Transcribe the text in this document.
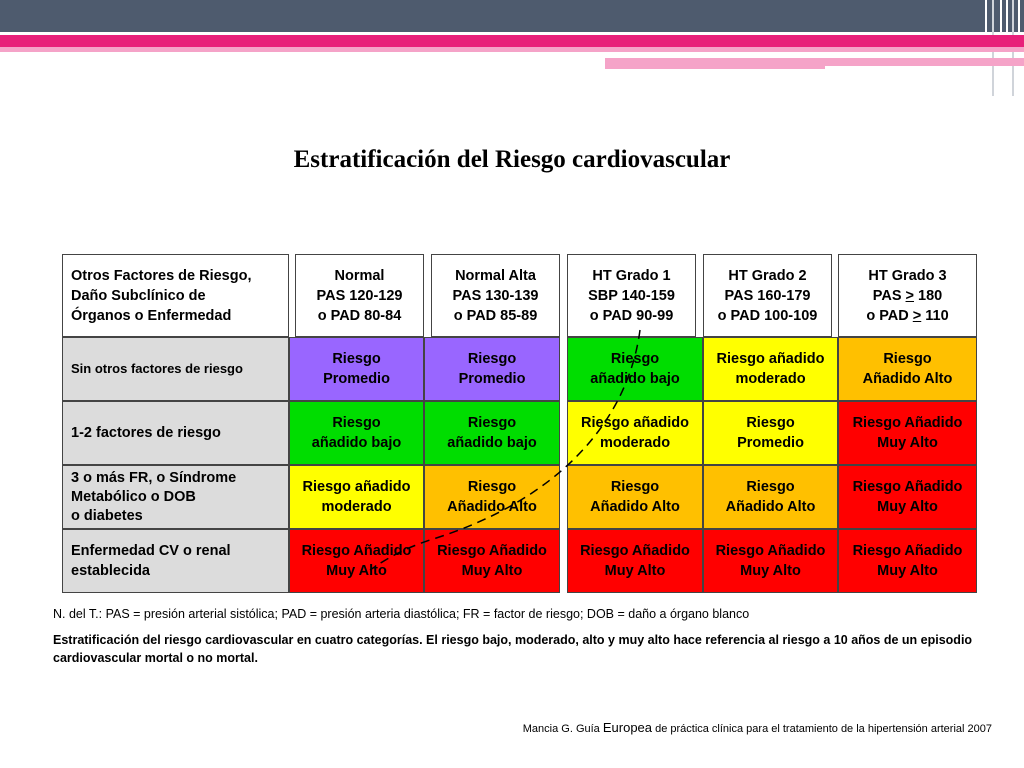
Estratificación del Riesgo cardiovascular
Otros Factores de Riesgo,
Daño Subclínico de
Órganos o Enfermedad
Normal
PAS 120-129
o PAD 80-84
Normal Alta
PAS 130-139
o PAD 85-89
HT Grado 1
SBP 140-159
o PAD 90-99
HT Grado 2
PAS 160-179
o PAD 100-109
HT Grado 3
PAS > 180
o PAD > 110
Sin otros factores de riesgo
1-2 factores de riesgo
3 o más FR, o Síndrome
Metabólico o DOB
o diabetes
Enfermedad CV o renal
establecida
Riesgo
Promedio
Riesgo
Promedio
Riesgo
añadido bajo
Riesgo añadido
moderado
Riesgo
Añadido Alto
Riesgo
añadido bajo
Riesgo
añadido bajo
Riesgo añadido
moderado
Riesgo
Promedio
Riesgo Añadido
Muy Alto
Riesgo añadido
moderado
Riesgo
Añadido Alto
Riesgo
Añadido Alto
Riesgo
Añadido Alto
Riesgo Añadido
Muy Alto
Riesgo Añadido
Muy Alto
Riesgo Añadido
Muy Alto
Riesgo Añadido
Muy Alto
Riesgo Añadido
Muy Alto
Riesgo Añadido
Muy Alto
N. del T.: PAS = presión arterial sistólica; PAD = presión arteria diastólica; FR = factor de riesgo; DOB = daño a órgano blanco
Estratificación del riesgo cardiovascular en cuatro categorías. El riesgo bajo, moderado, alto y muy alto hace referencia al riesgo a 10 años de un episodio cardiovascular mortal o no mortal.
Mancia G. Guía Europea de práctica clínica para el tratamiento de la hipertensión arterial 2007
